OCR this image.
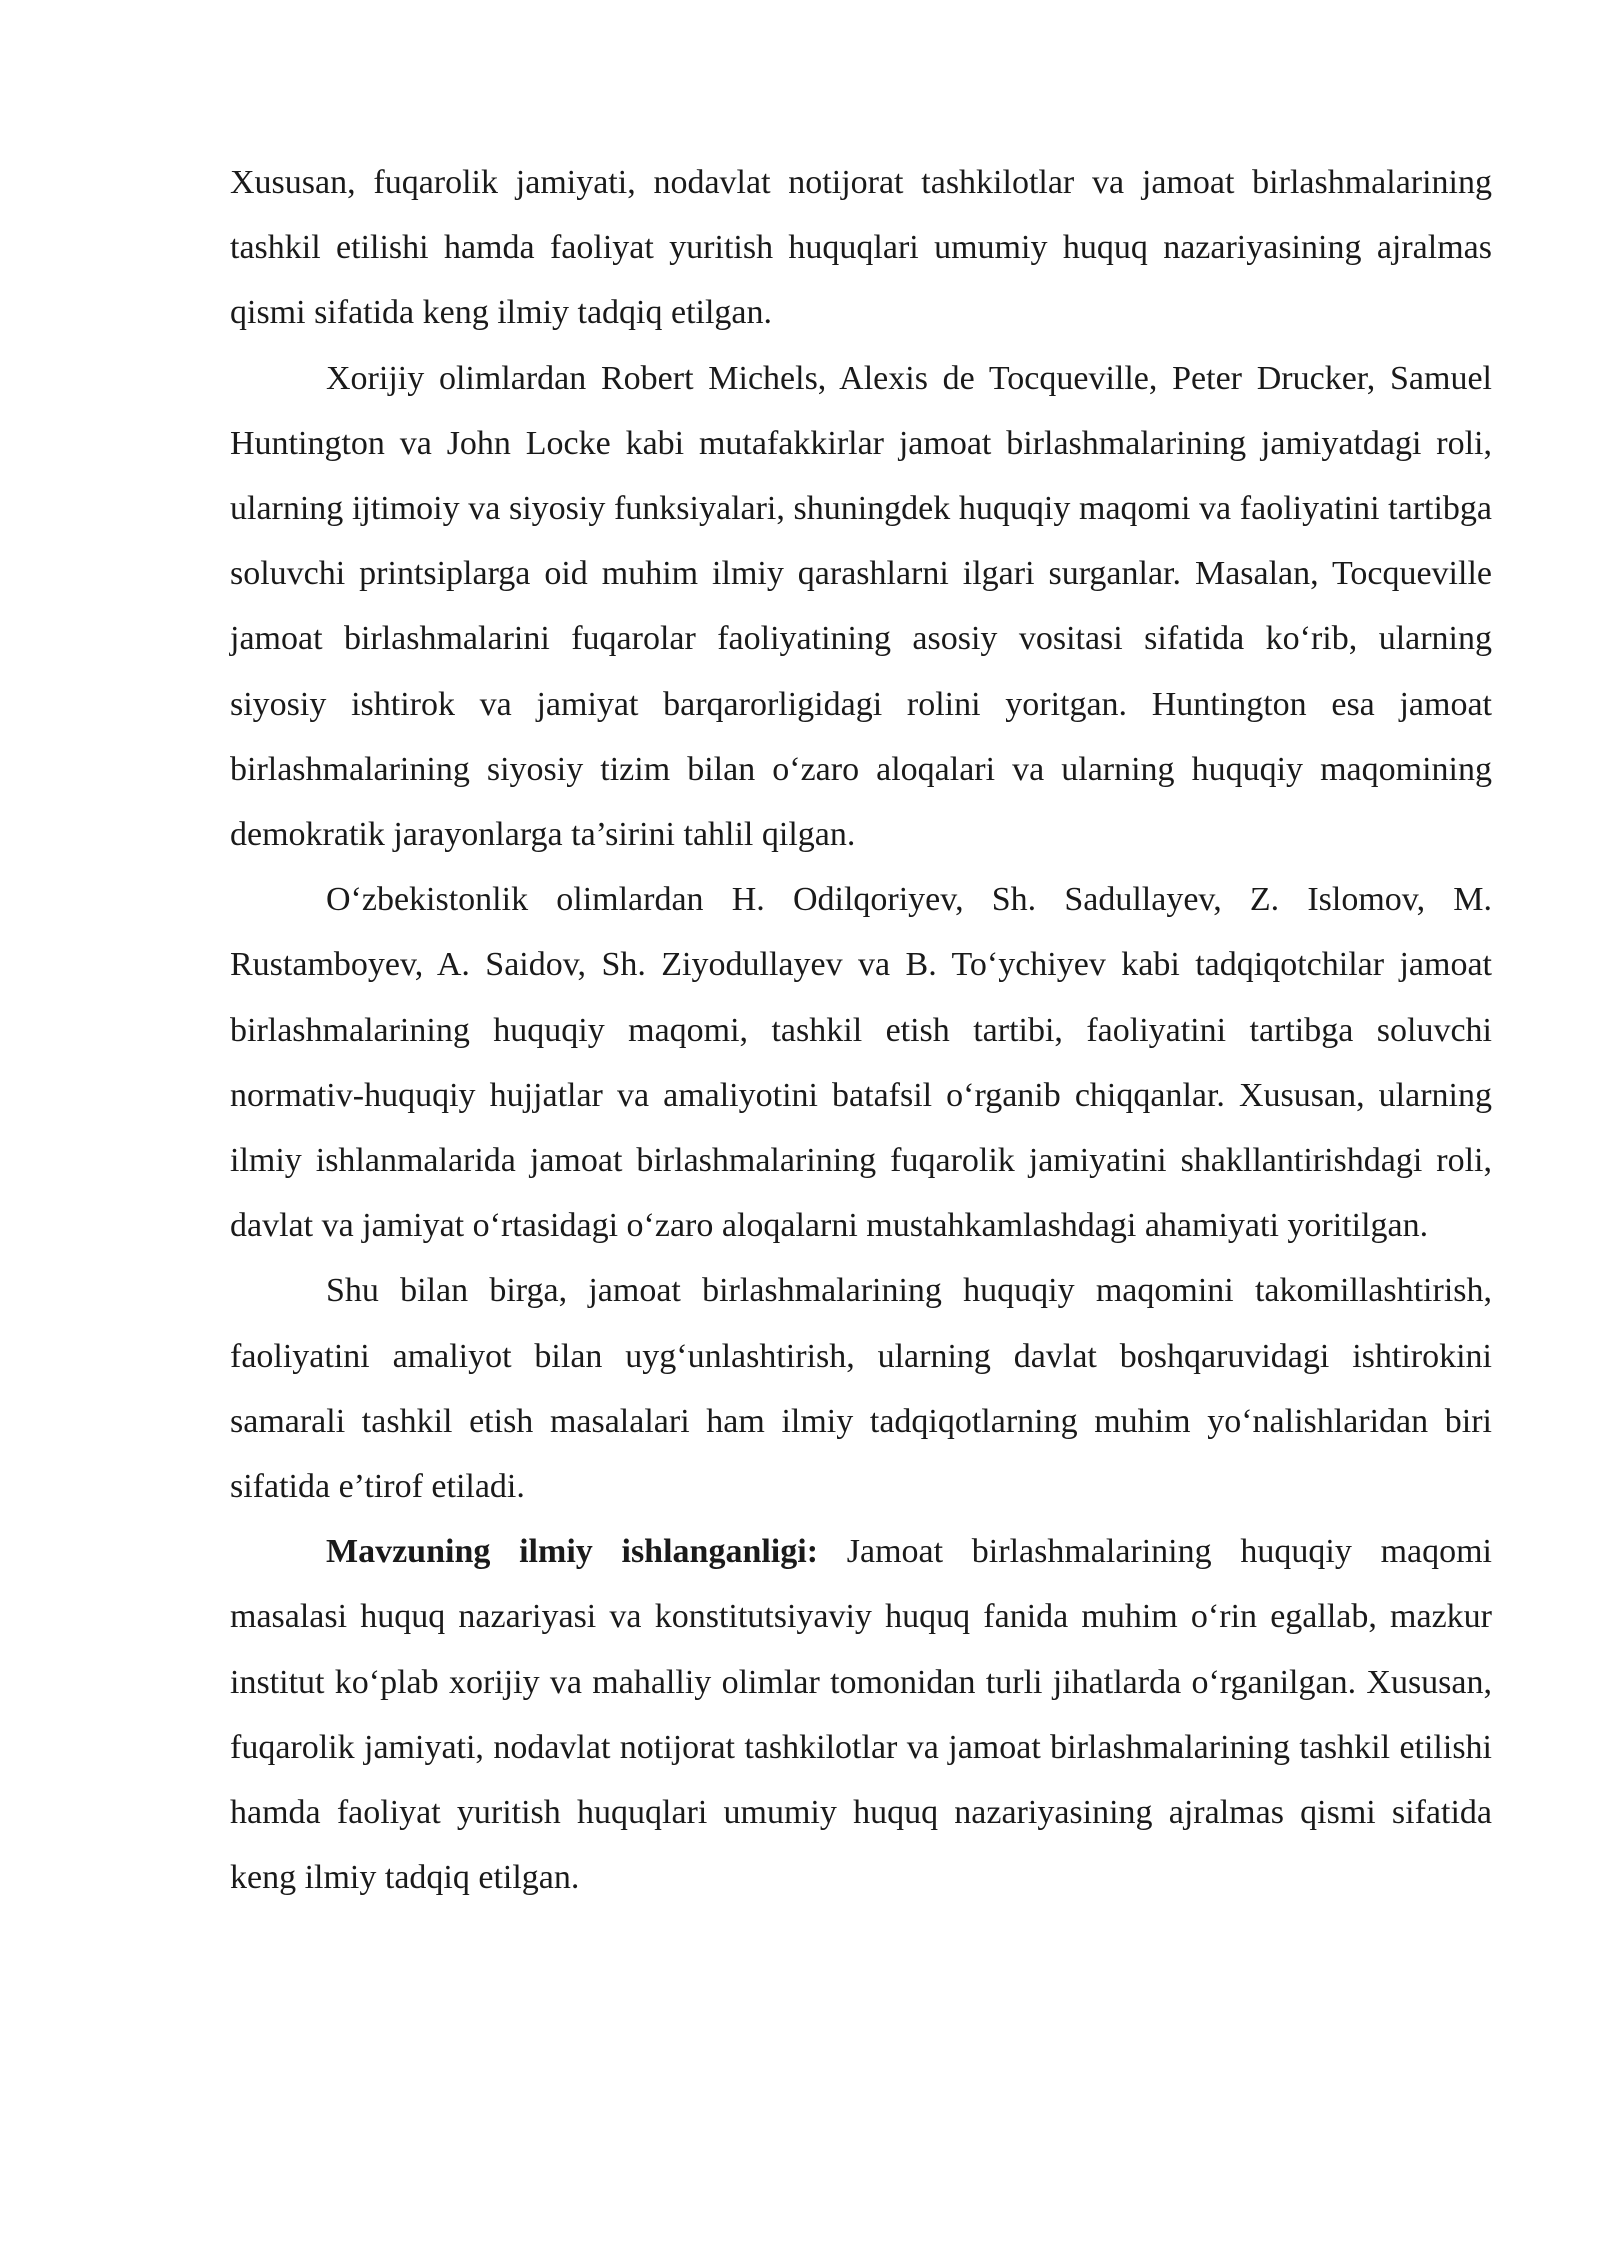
Xususan, fuqarolik jamiyati, nodavlat notijorat tashkilotlar va jamoat birlashmalarining tashkil etilishi hamda faoliyat yuritish huquqlari umumiy huquq nazariyasining ajralmas qismi sifatida keng ilmiy tadqiq etilgan.

Xorijiy olimlardan Robert Michels, Alexis de Tocqueville, Peter Drucker, Samuel Huntington va John Locke kabi mutafakkirlar jamoat birlashmalarining jamiyatdagi roli, ularning ijtimoiy va siyosiy funksiyalari, shuningdek huquqiy maqomi va faoliyatini tartibga soluvchi printsiplarga oid muhim ilmiy qarashlarni ilgari surganlar. Masalan, Tocqueville jamoat birlashmalarini fuqarolar faoliyatining asosiy vositasi sifatida ko‘rib, ularning siyosiy ishtirok va jamiyat barqarorligidagi rolini yoritgan. Huntington esa jamoat birlashmalarining siyosiy tizim bilan o‘zaro aloqalari va ularning huquqiy maqomining demokratik jarayonlarga ta’sirini tahlil qilgan.

O‘zbekistonlik olimlardan H. Odilqoriyev, Sh. Sadullayev, Z. Islomov, M. Rustamboyev, A. Saidov, Sh. Ziyodullayev va B. To‘ychiyev kabi tadqiqotchilar jamoat birlashmalarining huquqiy maqomi, tashkil etish tartibi, faoliyatini tartibga soluvchi normativ-huquqiy hujjatlar va amaliyotini batafsil o‘rganib chiqqanlar. Xususan, ularning ilmiy ishlanmalarida jamoat birlashmalarining fuqarolik jamiyatini shakllantirishdagi roli, davlat va jamiyat o‘rtasidagi o‘zaro aloqalarni mustahkamlashdagi ahamiyati yoritilgan.

Shu bilan birga, jamoat birlashmalarining huquqiy maqomini takomillashtirish, faoliyatini amaliyot bilan uyg‘unlashtirish, ularning davlat boshqaruvidagi ishtirokini samarali tashkil etish masalalari ham ilmiy tadqiqotlarning muhim yo‘nalishlaridan biri sifatida e’tirof etiladi.

Mavzuning ilmiy ishlanganligi: Jamoat birlashmalarining huquqiy maqomi masalasi huquq nazariyasi va konstitutsiyaviy huquq fanida muhim o‘rin egallab, mazkur institut ko‘plab xorijiy va mahalliy olimlar tomonidan turli jihatlarda o‘rganilgan. Xususan, fuqarolik jamiyati, nodavlat notijorat tashkilotlar va jamoat birlashmalarining tashkil etilishi hamda faoliyat yuritish huquqlari umumiy huquq nazariyasining ajralmas qismi sifatida keng ilmiy tadqiq etilgan.
